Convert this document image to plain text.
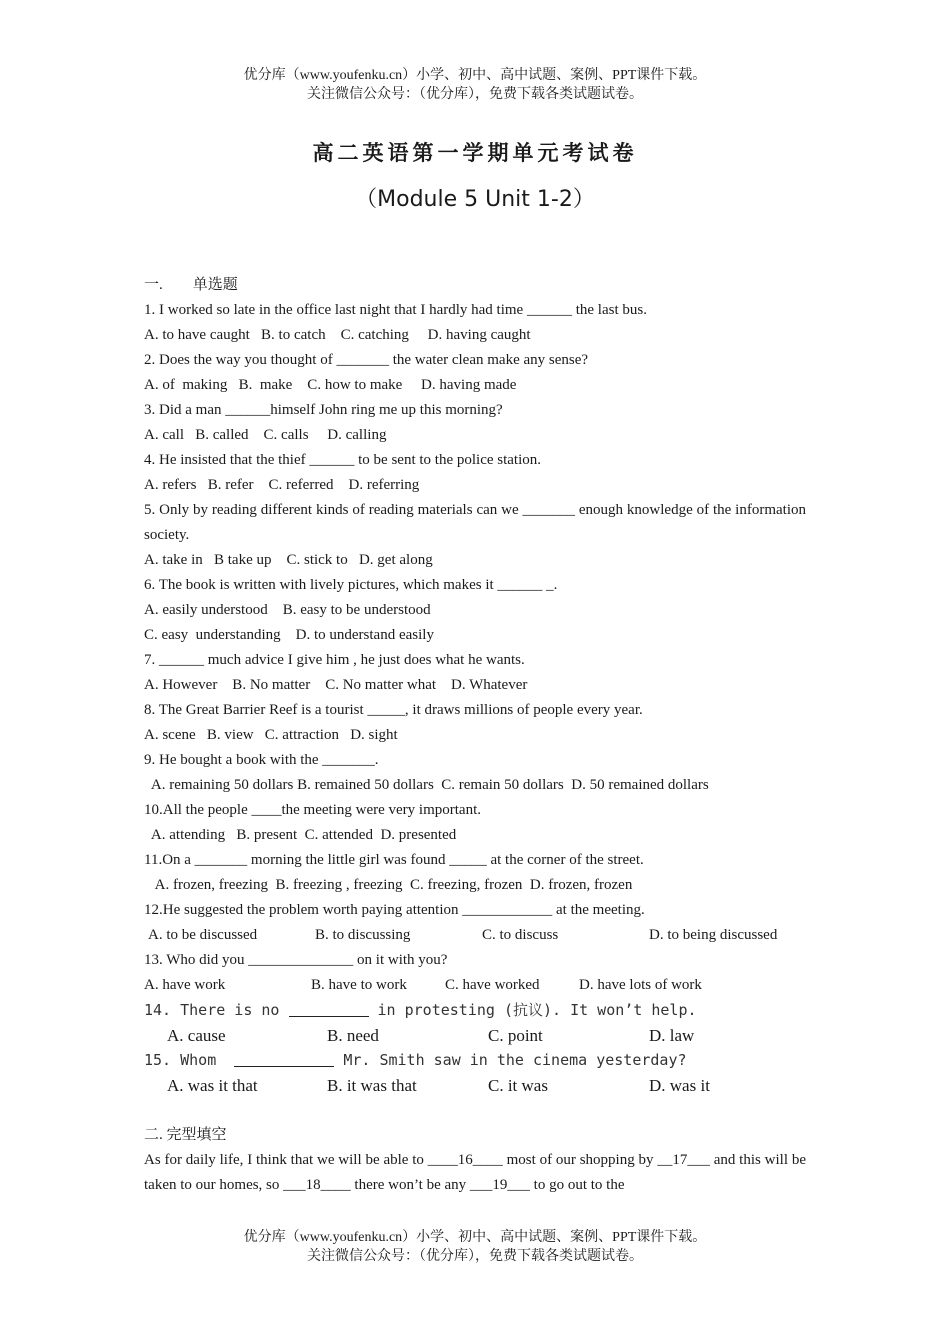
优分库（www.youfenku.cn）小学、初中、高中试题、案例、PPT课件下载。
关注微信公众号：（优分库），免费下载各类试题试卷。
高二英语第一学期单元考试卷
（Module 5 Unit 1-2）
一.        单选题
1. I worked so late in the office last night that I hardly had time ______ the last bus.
A. to have caught   B. to catch    C. catching     D. having caught
2. Does the way you thought of _______ the water clean make any sense?
A. of  making   B.  make    C. how to make     D. having made
3. Did a man ______himself John ring me up this morning?
A. call   B. called    C. calls     D. calling
4. He insisted that the thief ______ to be sent to the police station.
A. refers   B. refer    C. referred    D. referring
5. Only by reading different kinds of reading materials can we _______ enough knowledge of the information society.
A. take in   B take up    C. stick to   D. get along
6. The book is written with lively pictures, which makes it ______ _.
A. easily understood    B. easy to be understood
C. easy  understanding    D. to understand easily
7. ______ much advice I give him , he just does what he wants.
A. However    B. No matter    C. No matter what    D. Whatever
8. The Great Barrier Reef is a tourist _____, it draws millions of people every year.
A. scene   B. view   C. attraction   D. sight
9. He bought a book with the _______.
A. remaining 50 dollars B. remained 50 dollars  C. remain 50 dollars  D. 50 remained dollars
10.All the people ____the meeting were very important.
A. attending   B. present  C. attended  D. presented
11.On a _______ morning the little girl was found _____ at the corner of the street.
A. frozen, freezing  B. freezing , freezing  C. freezing, frozen  D. frozen, frozen
12.He suggested the problem worth paying attention ____________ at the meeting.
A. to be discussed	B. to discussing	C. to discuss	D. to being discussed
13. Who did you ______________ on it with you?
A. have work	B. have to work	C. have worked	D. have lots of work
14. There is no	in protesting (抗议). It won’t help.
A. cause	B. need	C. point	D. law
15. Whom	Mr. Smith saw in the cinema yesterday?
A. was it that	B. it was that	C. it was	D. was it
二. 完型填空
As for daily life, I think that we will be able to ____16____ most of our shopping by __17___ and this will be taken to our homes, so ___18____ there won’t be any ___19___ to go out to the
优分库（www.youfenku.cn）小学、初中、高中试题、案例、PPT课件下载。
关注微信公众号：（优分库），免费下载各类试题试卷。
